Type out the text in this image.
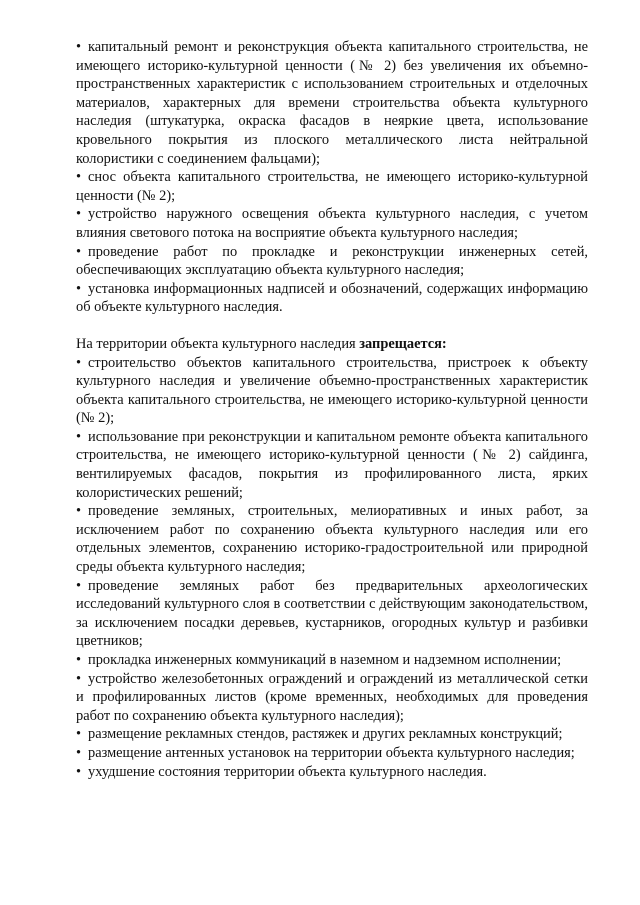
• капитальный ремонт и реконструкция объекта капитального строительства, не имеющего историко-культурной ценности (№ 2) без увеличения их объемно-пространственных характеристик с использованием строительных и отделочных материалов, характерных для времени строительства объекта культурного наследия (штукатурка, окраска фасадов в неяркие цвета, использование кровельного покрытия из плоского металлического листа нейтральной колористики с соединением фальцами);

• снос объекта капитального строительства, не имеющего историко-культурной ценности (№ 2);

• устройство наружного освещения объекта культурного наследия, с учетом влияния светового потока на восприятие объекта культурного наследия;

• проведение работ по прокладке и реконструкции инженерных сетей, обеспечивающих эксплуатацию объекта культурного наследия;

• установка информационных надписей и обозначений, содержащих информацию об объекте культурного наследия.

На территории объекта культурного наследия запрещается:

• строительство объектов капитального строительства, пристроек к объекту культурного наследия и увеличение объемно-пространственных характеристик объекта капитального строительства, не имеющего историко-культурной ценности (№ 2);

• использование при реконструкции и капитальном ремонте объекта капитального строительства, не имеющего историко-культурной ценности (№ 2) сайдинга, вентилируемых фасадов, покрытия из профилированного листа, ярких колористических решений;

• проведение земляных, строительных, мелиоративных и иных работ, за исключением работ по сохранению объекта культурного наследия или его отдельных элементов, сохранению историко-градостроительной или природной среды объекта культурного наследия;

• проведение земляных работ без предварительных археологических исследований культурного слоя в соответствии с действующим законодательством, за исключением посадки деревьев, кустарников, огородных культур и разбивки цветников;

• прокладка инженерных коммуникаций в наземном и надземном исполнении;

• устройство железобетонных ограждений и ограждений из металлической сетки и профилированных листов (кроме временных, необходимых для проведения работ по сохранению объекта культурного наследия);

• размещение рекламных стендов, растяжек и других рекламных конструкций;

• размещение антенных установок на территории объекта культурного наследия;

• ухудшение состояния территории объекта культурного наследия.
